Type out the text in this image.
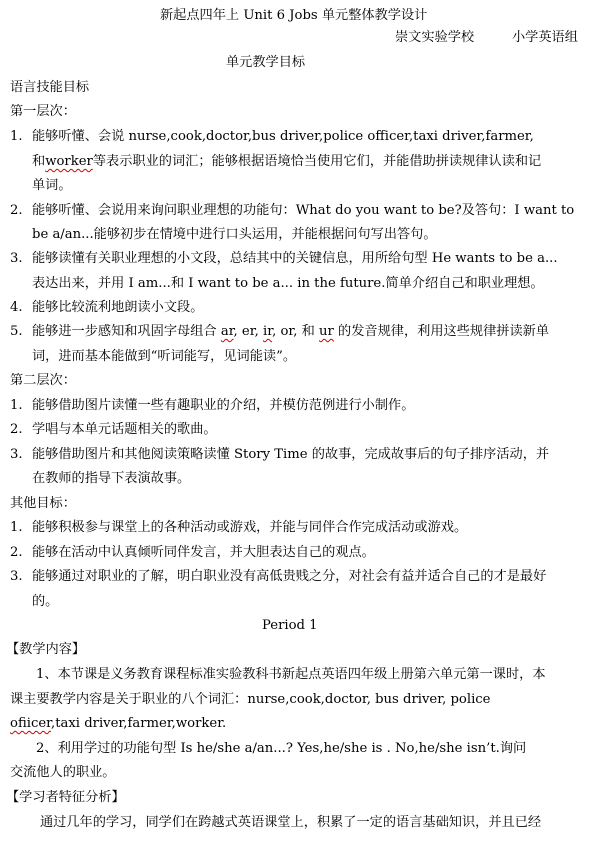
新起点四年上 Unit 6 Jobs 单元整体教学设计
崇文实验学校	小学英语组
单元教学目标
语言技能目标
第一层次：
1. 能够听懂、会说 nurse,cook,doctor,bus driver,police officer,taxi driver,farmer,
和worker等表示职业的词汇；能够根据语境恰当使用它们，并能借助拼读规律认读和记
单词。
2. 能够听懂、会说用来询问职业理想的功能句：What do you want to be?及答句：I want to
be a/an...能够初步在情境中进行口头运用，并能根据问句写出答句。
3. 能够读懂有关职业理想的小文段，总结其中的关键信息，用所给句型 He wants to be a...
表达出来，并用 I am...和 I want to be a... in the future.简单介绍自己和职业理想。
4. 能够比较流利地朗读小文段。
5. 能够进一步感知和巩固字母组合 ar, er, ir, or, 和 ur 的发音规律，利用这些规律拼读新单
词，进而基本能做到“听词能写，见词能读”。
第二层次：
1. 能够借助图片读懂一些有趣职业的介绍，并模仿范例进行小制作。
2. 学唱与本单元话题相关的歌曲。
3. 能够借助图片和其他阅读策略读懂 Story Time 的故事，完成故事后的句子排序活动，并
在教师的指导下表演故事。
其他目标：
1. 能够积极参与课堂上的各种活动或游戏，并能与同伴合作完成活动或游戏。
2. 能够在活动中认真倾听同伴发言，并大胆表达自己的观点。
3. 能够通过对职业的了解，明白职业没有高低贵贱之分，对社会有益并适合自己的才是最好
的。
Period 1
【教学内容】
1、本节课是义务教育课程标准实验教科书新起点英语四年级上册第六单元第一课时，本
课主要教学内容是关于职业的八个词汇：nurse,cook,doctor, bus driver, police
ofiicer,taxi driver,farmer,worker.
2、利用学过的功能句型 Is he/she a/an...? Yes,he/she is . No,he/she isn’t.询问
交流他人的职业。
【学习者特征分析】
通过几年的学习，同学们在跨越式英语课堂上，积累了一定的语言基础知识，并且已经
